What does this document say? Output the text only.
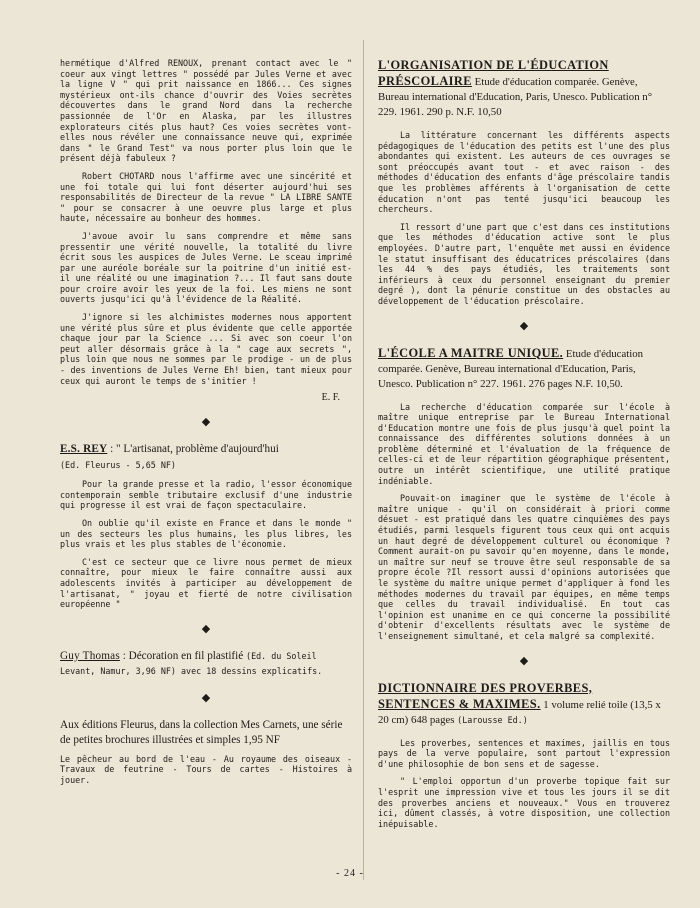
hermétique d'Alfred RENOUX, prenant contact avec le " coeur aux vingt lettres " possédé par Jules Verne et avec la ligne V " qui prit naissance en 1866... Ces signes mystérieux ont-ils chance d'ouvrir des Voies secrètes découvertes dans le grand Nord dans la recherche passionnée de l'Or en Alaska, par les illustres explorateurs cités plus haut? Ces voies secrètes vont-elles nous révéler une connaissance neuve qui, exprimée dans " le Grand Test" va nous porter plus loin que le présent déjà fabuleux ?

Robert CHOTARD nous l'affirme avec une sincérité et une foi totale qui lui font déserter aujourd'hui ses responsabilités de Directeur de la revue " LA LIBRE SANTE " pour se consacrer à une oeuvre plus large et plus haute, nécessaire au bonheur des hommes.

J'avoue avoir lu sans comprendre et même sans pressentir une vérité nouvelle, la totalité du livre écrit sous les auspices de Jules Verne. Le sceau imprimé par une auréole boréale sur la poitrine d'un initié est-il une réalité ou une imagination ?... Il faut sans doute pour croire avoir les yeux de la foi. Les miens ne sont ouverts jusqu'ici qu'à l'évidence de la Réalité.

J'ignore si les alchimistes modernes nous apportent une vérité plus sûre et plus évidente que celle apportée chaque jour par la Science ... Si avec son coeur l'on peut aller désormais grâce à la " cage aux secrets ", plus loin que nous ne sommes par le prodige - un de plus - des inventions de Jules Verne Eh! bien, tant mieux pour ceux qui auront le temps de s'initier !

E. F.
◆
E.S. REY : " L'artisanat, problème d'aujourd'hui

(Ed. Fleurus - 5,65 NF)

Pour la grande presse et la radio, l'essor économique contemporain semble tributaire exclusif d'une industrie qui progresse il est vrai de façon spectaculaire.

On oublie qu'il existe en France et dans le monde " un des secteurs les plus humains, les plus libres, les plus vrais et les plus stables de l'économie.

C'est ce secteur que ce livre nous permet de mieux connaître, pour mieux le faire connaître aussi aux adolescents invités à participer au développement de l'artisanat, " joyau et fierté de notre civilisation européenne "

◆
Guy Thomas : Décoration en fil plastifié (Ed. du Soleil Levant, Namur, 3,96 NF) avec 18 dessins explicatifs.
◆
Aux éditions Fleurus, dans la collection Mes Carnets, une série de petites brochures illustrées et simples 1,95 NF

Le pêcheur au bord de l'eau - Au royaume des oiseaux - Travaux de feutrine - Tours de cartes - Histoires à jouer.

L'ORGANISATION DE L'ÉDUCATION PRÉSCOLAIRE Etude d'éducation comparée. Genève, Bureau international d'Education, Paris, Unesco. Publication n° 229. 1961. 290 p. N.F. 10,50

La littérature concernant les différents aspects pédagogiques de l'éducation des petits est l'une des plus abondantes qui existent. Les auteurs de ces ouvrages se sont préoccupés avant tout - et avec raison - des méthodes d'éducation des enfants d'âge préscolaire tandis que les problèmes afférents à l'organisation de cette éducation n'ont pas tenté jusqu'ici beaucoup les chercheurs.

Il ressort d'une part que c'est dans ces institutions que les méthodes d'éducation active sont le plus employées. D'autre part, l'enquête met aussi en évidence le statut insuffisant des éducatrices préscolaires (dans les 44 % des pays étudiés, les traitements sont inférieurs à ceux du personnel enseignant du premier degré ), dont la pénurie constitue un des obstacles au développement de l'éducation préscolaire.

◆
L'ÉCOLE A MAITRE UNIQUE. Etude d'éducation comparée. Genève, Bureau international d'Education, Paris, Unesco. Publication n° 227. 1961. 276 pages N.F. 10,50.

La recherche d'éducation comparée sur l'école à maître unique entreprise par le Bureau International d'Education montre une fois de plus jusqu'à quel point la connaissance des différentes solutions données à un problème déterminé et l'évaluation de la fréquence de celles-ci et de leur répartition géographique présentent, outre un intérêt scientifique, une utilité pratique indéniable.

Pouvait-on imaginer que le système de l'école à maître unique - qu'il on considérait à priori comme désuet - est pratiqué dans les quatre cinquièmes des pays étudiés, parmi lesquels figurent tous ceux qui ont acquis un haut degré de développement culturel ou économique ? Comment aurait-on pu savoir qu'en moyenne, dans le monde, un maître sur neuf se trouve être seul responsable de sa propre école ?Il ressort aussi d'opinions autorisées que le système du maître unique permet d'appliquer à fond les méthodes modernes du travail par équipes, en même temps que celles du travail individualisé. En tout cas l'opinion est unanime en ce qui concerne la possibilité d'obtenir d'excellents résultats avec le système de l'enseignement simultané, et cela malgré sa complexité.

◆
DICTIONNAIRE DES PROVERBES, SENTENCES & MAXIMES. 1 volume relié toile (13,5 x 20 cm) 648 pages (Larousse Ed.)

Les proverbes, sentences et maximes, jaillis en tous pays de la verve populaire, sont partout l'expression d'une philosophie de bon sens et de sagesse.

" L'emploi opportun d'un proverbe topique fait sur l'esprit une impression vive et tous les jours il se dit des proverbes anciens et nouveaux." Vous en trouverez ici, dûment classés, à votre disposition, une collection inépuisable.

- 24 -
